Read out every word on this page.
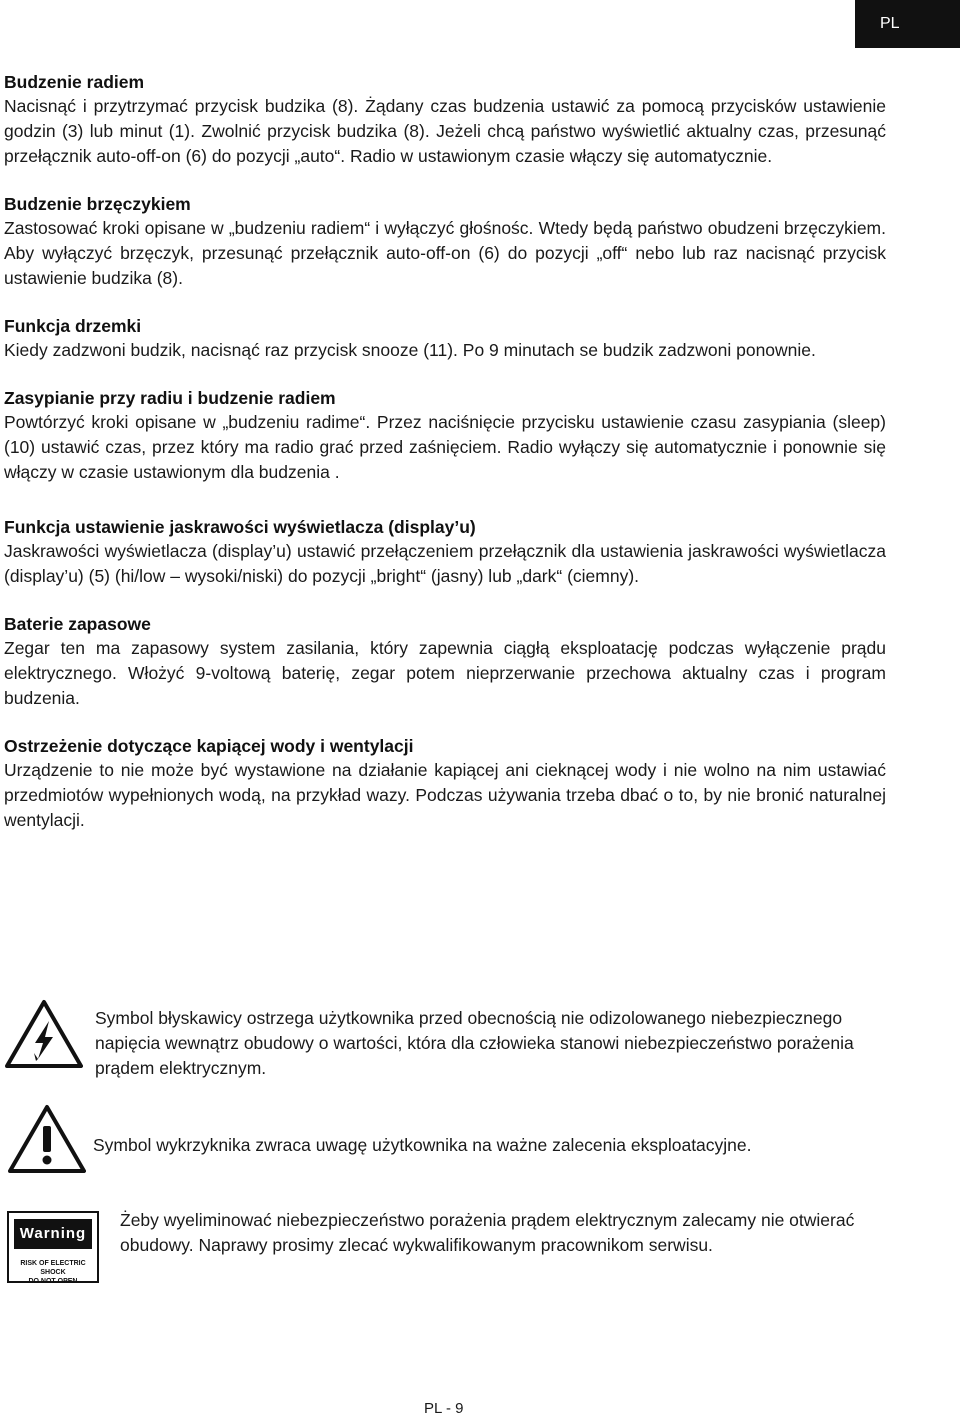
PL
Budzenie radiem

Nacisnąć i przytrzymać przycisk budzika (8). Żądany czas budzenia ustawić za pomocą przycisków ustawienie godzin (3) lub minut (1). Zwolnić przycisk budzika (8). Jeżeli chcą państwo wyświetlić aktualny czas, przesunąć przełącznik auto-off-on (6) do pozycji „auto“. Radio w ustawionym czasie włączy się automatycznie.

Budzenie brzęczykiem

Zastosować kroki opisane w „budzeniu radiem“ i wyłączyć głośnośc. Wtedy będą państwo obudzeni brzęczykiem. Aby wyłączyć brzęczyk, przesunąć przełącznik auto-off-on (6) do pozycji „off“ nebo lub raz nacisnąć przycisk ustawienie budzika (8).

Funkcja drzemki

Kiedy zadzwoni budzik, nacisnąć raz przycisk snooze (11). Po 9 minutach se budzik zadzwoni ponownie.

Zasypianie przy radiu i budzenie radiem

Powtórzyć kroki opisane w „budzeniu radime“. Przez naciśnięcie przycisku ustawienie czasu zasypiania (sleep) (10) ustawić czas, przez który ma radio grać przed zaśnięciem. Radio wyłączy się automatycznie i ponownie się włączy w czasie ustawionym dla budzenia .

Funkcja ustawienie jaskrawości wyświetlacza (display’u)

Jaskrawości wyświetlacza (display’u) ustawić przełączeniem przełącznik dla ustawienia jaskrawości wyświetlacza (display’u) (5) (hi/low – wysoki/niski) do pozycji „bright“ (jasny) lub „dark“ (ciemny).

Baterie zapasowe

Zegar ten ma zapasowy system zasilania, który zapewnia ciągłą eksploatację podczas wyłączenie prądu elektrycznego. Włożyć 9-voltową baterię, zegar potem nieprzerwanie przechowa aktualny czas i program budzenia.

Ostrzeżenie dotyczące kapiącej wody i wentylacji

Urządzenie to nie może być wystawione na działanie kapiącej ani cieknącej wody i nie wolno na nim ustawiać przedmiotów wypełnionych wodą, na przykład wazy. Podczas używania trzeba dbać o to, by nie bronić naturalnej wentylacji.

Symbol błyskawicy ostrzega użytkownika przed obecnością nie odizolowanego niebezpiecznego napięcia wewnątrz obudowy o wartości, która dla człowieka stanowi niebezpieczeństwo porażenia prądem elektrycznym.
Symbol wykrzyknika zwraca uwagę użytkownika na ważne zalecenia eksploatacyjne.
Warning
RISK OF ELECTRIC SHOCK
DO NOT OPEN
Żeby wyeliminować niebezpieczeństwo porażenia prądem elektrycznym zalecamy nie otwierać obudowy. Naprawy prosimy zlecać wykwalifikowanym pracownikom serwisu.
PL - 9
